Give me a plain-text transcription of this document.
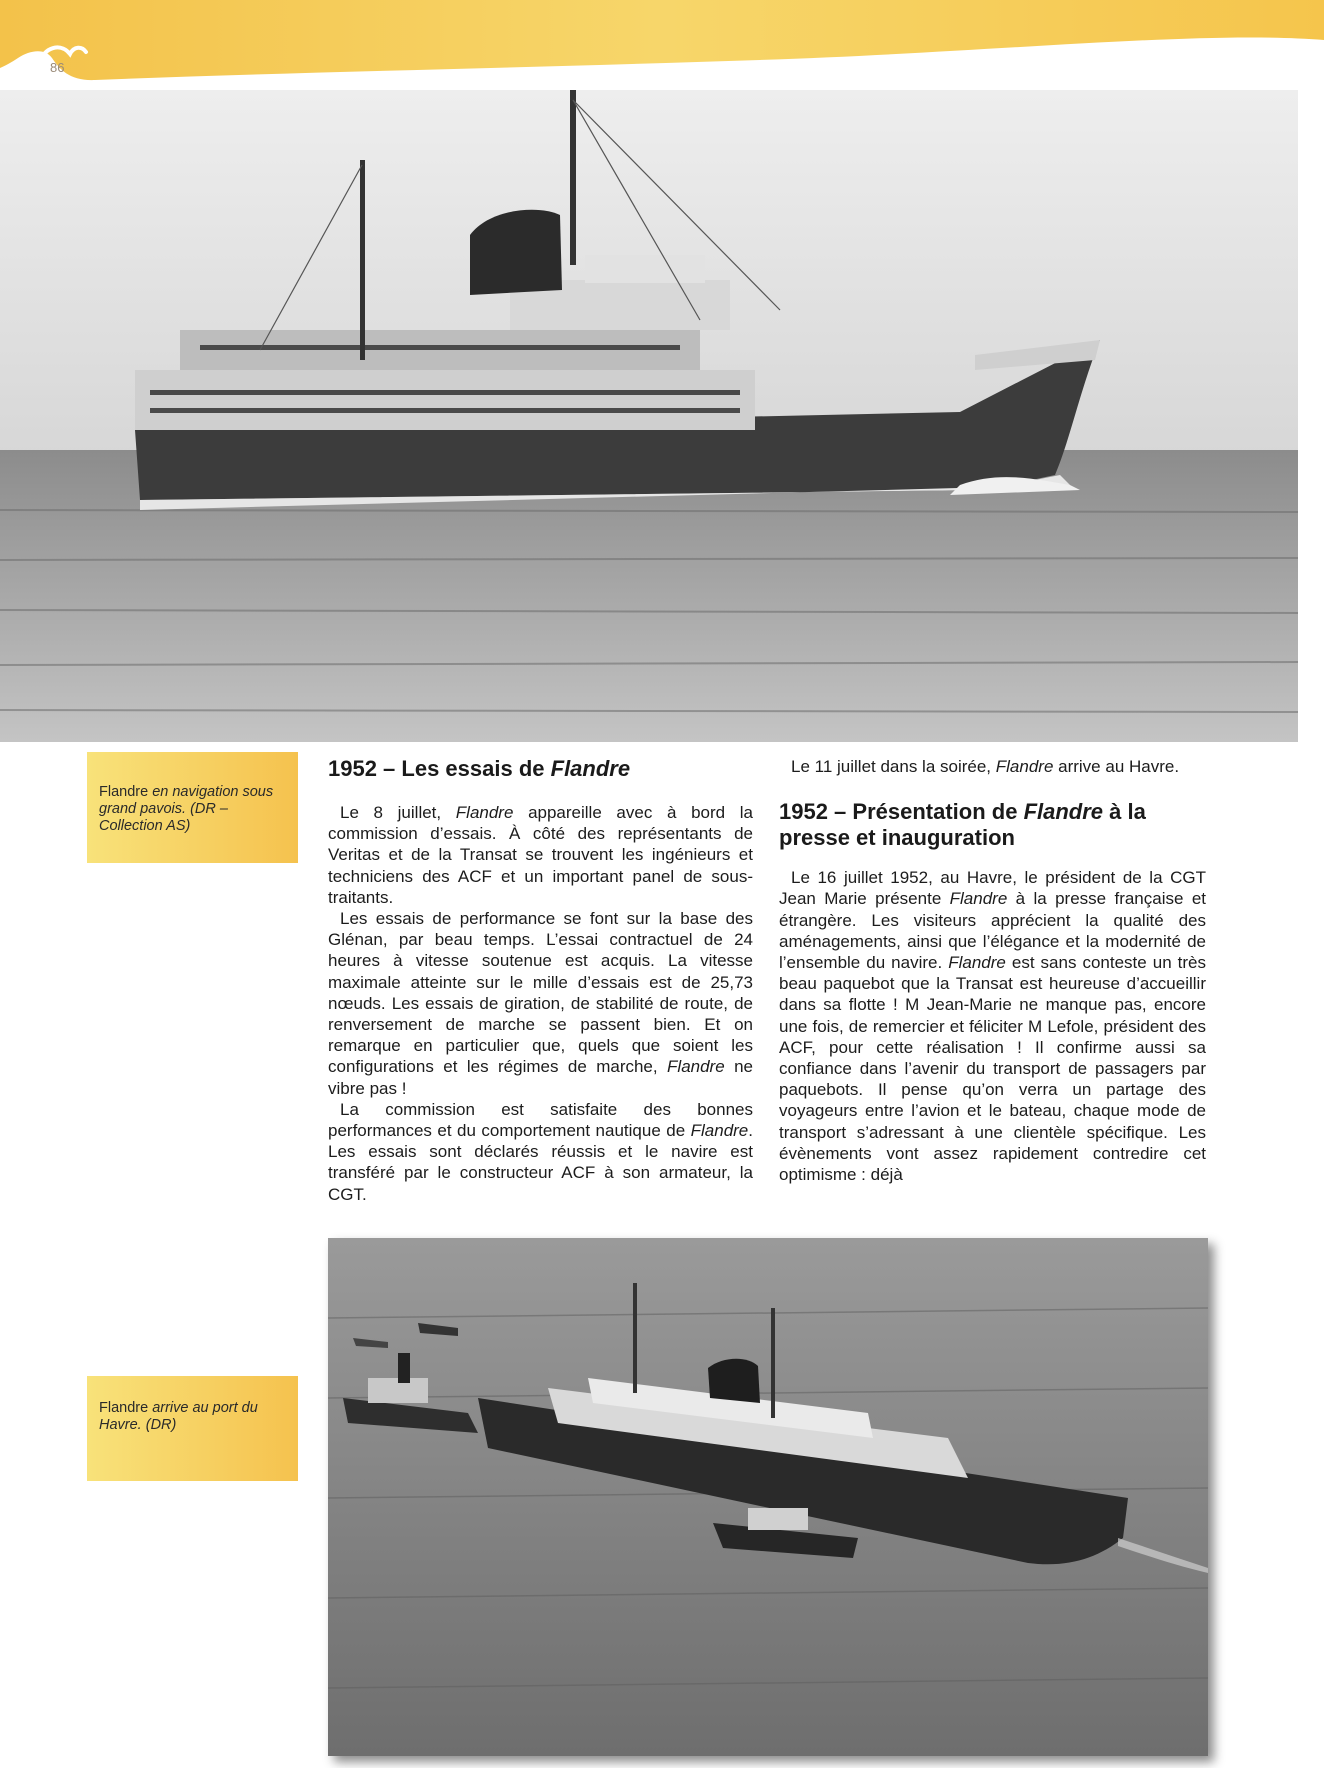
86
Flandre en navigation sous grand pavois. (DR – Collection AS)
1952 – Les essais de Flandre

Le 8 juillet, Flandre appareille avec à bord la commission d’essais. À côté des représentants de Veritas et de la Transat se trouvent les ingénieurs et techniciens des ACF et un important panel de sous-traitants.

Les essais de performance se font sur la base des Glénan, par beau temps. L’essai contractuel de 24 heures à vitesse soutenue est acquis. La vitesse maximale atteinte sur le mille d’essais est de 25,73 nœuds. Les essais de giration, de stabilité de route, de renversement de marche se passent bien. Et on remarque en particulier que, quels que soient les configurations et les régimes de marche, Flandre ne vibre pas !

La commission est satisfaite des bonnes performances et du comportement nautique de Flandre. Les essais sont déclarés réussis et le navire est transféré par le constructeur ACF à son armateur, la CGT.

Le 11 juillet dans la soirée, Flandre arrive au Havre.

1952 – Présentation de Flandre à la presse et inauguration

Le 16 juillet 1952, au Havre, le président de la CGT Jean Marie présente Flandre à la presse française et étrangère. Les visiteurs apprécient la qualité des aménagements, ainsi que l’élégance et la modernité de l’ensemble du navire. Flandre est sans conteste un très beau paquebot que la Transat est heureuse d’accueillir dans sa flotte ! M Jean-Marie ne manque pas, encore une fois, de remercier et féliciter M Lefole, président des ACF, pour cette réalisation ! Il confirme aussi sa confiance dans l’avenir du transport de passagers par paquebots. Il pense qu’on verra un partage des voyageurs entre l’avion et le bateau, chaque mode de transport s’adressant à une clientèle spécifique. Les évènements vont assez rapidement contredire cet optimisme : déjà

Flandre arrive au port du Havre. (DR)
